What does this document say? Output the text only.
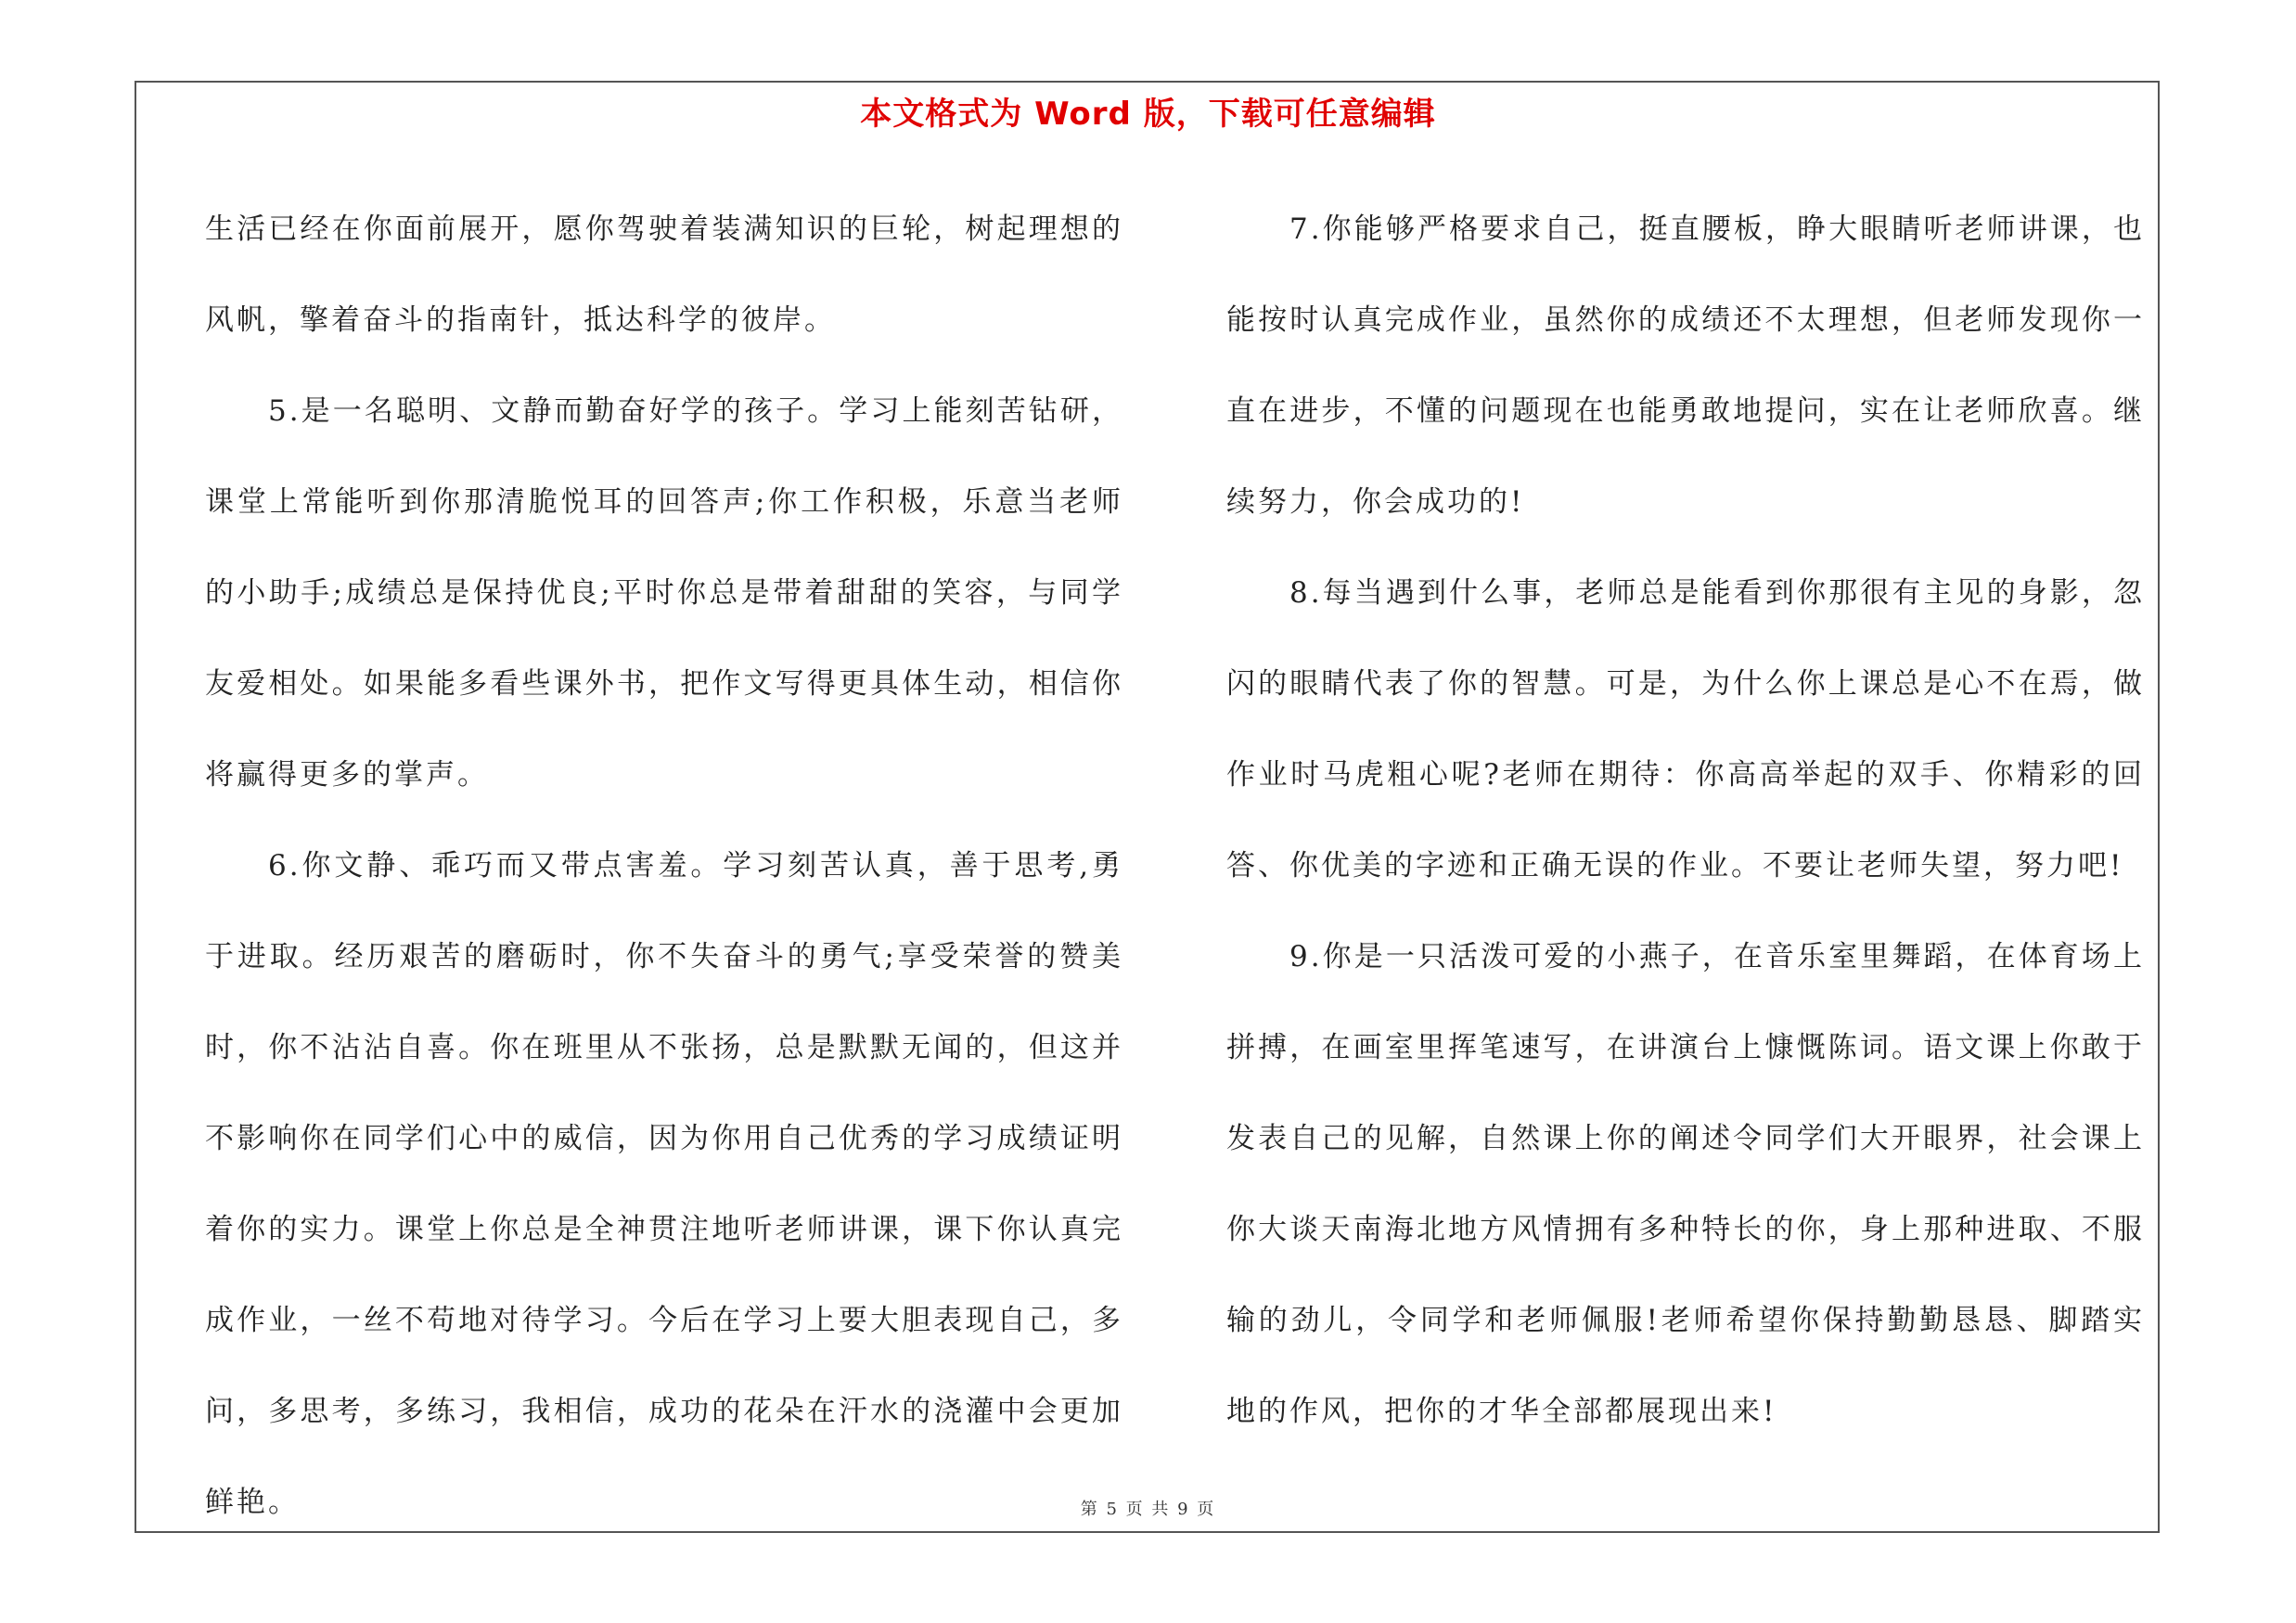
本文格式为 Word 版，下载可任意编辑

生活已经在你面前展开，愿你驾驶着装满知识的巨轮，树起理想的风帆，擎着奋斗的指南针，抵达科学的彼岸。

5.是一名聪明、文静而勤奋好学的孩子。学习上能刻苦钻研，课堂上常能听到你那清脆悦耳的回答声;你工作积极，乐意当老师的小助手;成绩总是保持优良;平时你总是带着甜甜的笑容，与同学友爱相处。如果能多看些课外书，把作文写得更具体生动，相信你将赢得更多的掌声。

6.你文静、乖巧而又带点害羞。学习刻苦认真，善于思考,勇于进取。经历艰苦的磨砺时，你不失奋斗的勇气;享受荣誉的赞美时，你不沾沾自喜。你在班里从不张扬，总是默默无闻的，但这并不影响你在同学们心中的威信，因为你用自己优秀的学习成绩证明着你的实力。课堂上你总是全神贯注地听老师讲课，课下你认真完成作业，一丝不苟地对待学习。今后在学习上要大胆表现自己，多问，多思考，多练习，我相信，成功的花朵在汗水的浇灌中会更加鲜艳。

7.你能够严格要求自己，挺直腰板，睁大眼睛听老师讲课，也能按时认真完成作业，虽然你的成绩还不太理想，但老师发现你一直在进步，不懂的问题现在也能勇敢地提问，实在让老师欣喜。继续努力，你会成功的!

8.每当遇到什么事，老师总是能看到你那很有主见的身影，忽闪的眼睛代表了你的智慧。可是，为什么你上课总是心不在焉，做作业时马虎粗心呢?老师在期待：你高高举起的双手、你精彩的回答、你优美的字迹和正确无误的作业。不要让老师失望，努力吧!

9.你是一只活泼可爱的小燕子，在音乐室里舞蹈，在体育场上拼搏，在画室里挥笔速写，在讲演台上慷慨陈词。语文课上你敢于发表自己的见解，自然课上你的阐述令同学们大开眼界，社会课上你大谈天南海北地方风情拥有多种特长的你，身上那种进取、不服输的劲儿，令同学和老师佩服!老师希望你保持勤勤恳恳、脚踏实地的作风，把你的才华全部都展现出来!

第 5 页 共 9 页
